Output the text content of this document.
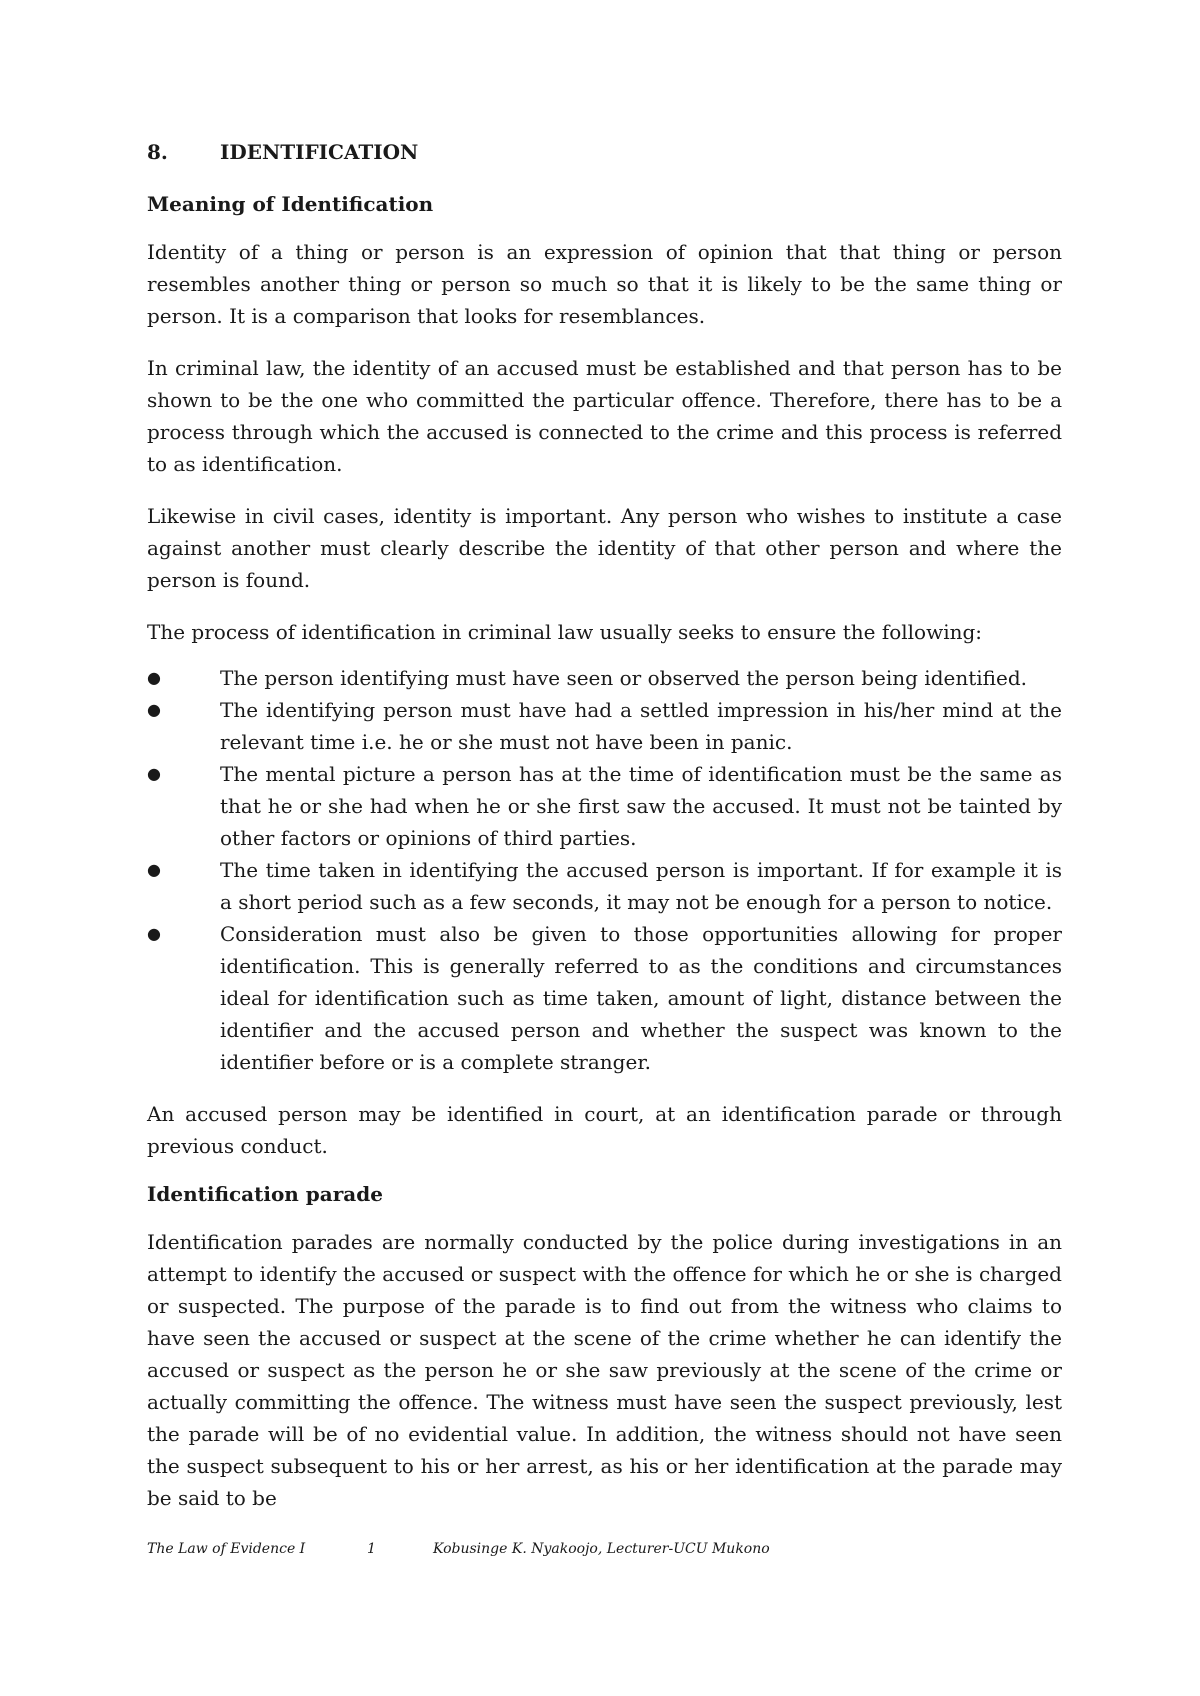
8.	IDENTIFICATION
Meaning of Identification

Identity of a thing or person is an expression of opinion that that thing or person resembles another thing or person so much so that it is likely to be the same thing or person. It is a comparison that looks for resemblances.

In criminal law, the identity of an accused must be established and that person has to be shown to be the one who committed the particular offence. Therefore, there has to be a process through which the accused is connected to the crime and this process is referred to as identification.

Likewise in civil cases, identity is important. Any person who wishes to institute a case against another must clearly describe the identity of that other person and where the person is found.

The process of identification in criminal law usually seeks to ensure the following:

●	The person identifying must have seen or observed the person being identified.
●	The identifying person must have had a settled impression in his/her mind at the relevant time i.e. he or she must not have been in panic.
●	The mental picture a person has at the time of identification must be the same as that he or she had when he or she first saw the accused. It must not be tainted by other factors or opinions of third parties.
●	The time taken in identifying the accused person is important. If for example it is a short period such as a few seconds, it may not be enough for a person to notice.
●	Consideration must also be given to those opportunities allowing for proper identification. This is generally referred to as the conditions and circumstances ideal for identification such as time taken, amount of light, distance between the identifier and the accused person and whether the suspect was known to the identifier before or is a complete stranger.

An accused person may be identified in court, at an identification parade or through previous conduct.

Identification parade

Identification parades are normally conducted by the police during investigations in an attempt to identify the accused or suspect with the offence for which he or she is charged or suspected. The purpose of the parade is to find out from the witness who claims to have seen the accused or suspect at the scene of the crime whether he can identify the accused or suspect as the person he or she saw previously at the scene of the crime or actually committing the offence. The witness must have seen the suspect previously, lest the parade will be of no evidential value. In addition, the witness should not have seen the suspect subsequent to his or her arrest, as his or her identification at the parade may be said to be

The Law of Evidence I	1	Kobusinge K. Nyakoojo, Lecturer-UCU Mukono
